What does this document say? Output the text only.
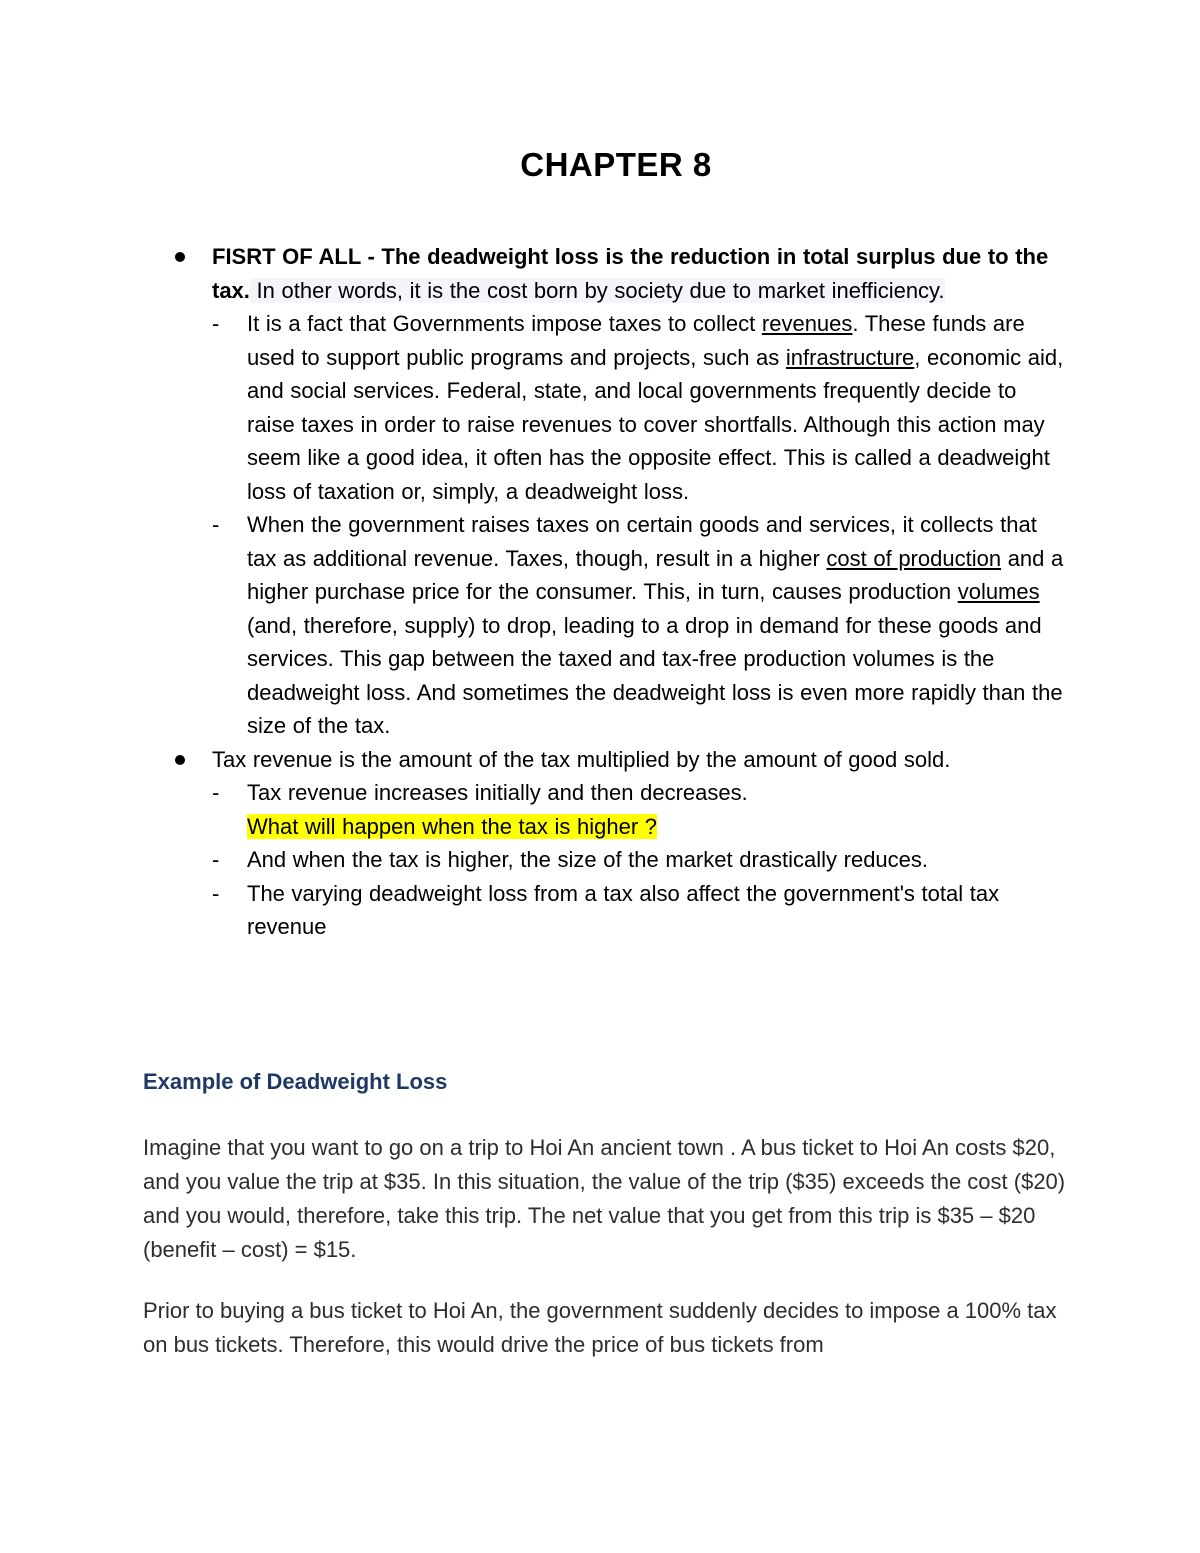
CHAPTER 8
FISRT OF ALL - The deadweight loss is the reduction in total surplus due to the tax. In other words, it is the cost born by society due to market inefficiency.
- It is a fact that Governments impose taxes to collect revenues. These funds are used to support public programs and projects, such as infrastructure, economic aid, and social services. Federal, state, and local governments frequently decide to raise taxes in order to raise revenues to cover shortfalls. Although this action may seem like a good idea, it often has the opposite effect. This is called a deadweight loss of taxation or, simply, a deadweight loss.
- When the government raises taxes on certain goods and services, it collects that tax as additional revenue. Taxes, though, result in a higher cost of production and a higher purchase price for the consumer. This, in turn, causes production volumes (and, therefore, supply) to drop, leading to a drop in demand for these goods and services. This gap between the taxed and tax-free production volumes is the deadweight loss. And sometimes the deadweight loss is even more rapidly than the size of the tax.
Tax revenue is the amount of the tax multiplied by the amount of good sold.
- Tax revenue increases initially and then decreases.
What will happen when the tax is higher ?
- And when the tax is higher, the size of the market drastically reduces.
- The varying deadweight loss from a tax also affect the government's total tax revenue
Example of Deadweight Loss

Imagine that you want to go on a trip to Hoi An ancient town . A bus ticket to Hoi An costs $20, and you value the trip at $35. In this situation, the value of the trip ($35) exceeds the cost ($20) and you would, therefore, take this trip. The net value that you get from this trip is $35 – $20 (benefit – cost) = $15.

Prior to buying a bus ticket to Hoi An, the government suddenly decides to impose a 100% tax on bus tickets. Therefore, this would drive the price of bus tickets from
